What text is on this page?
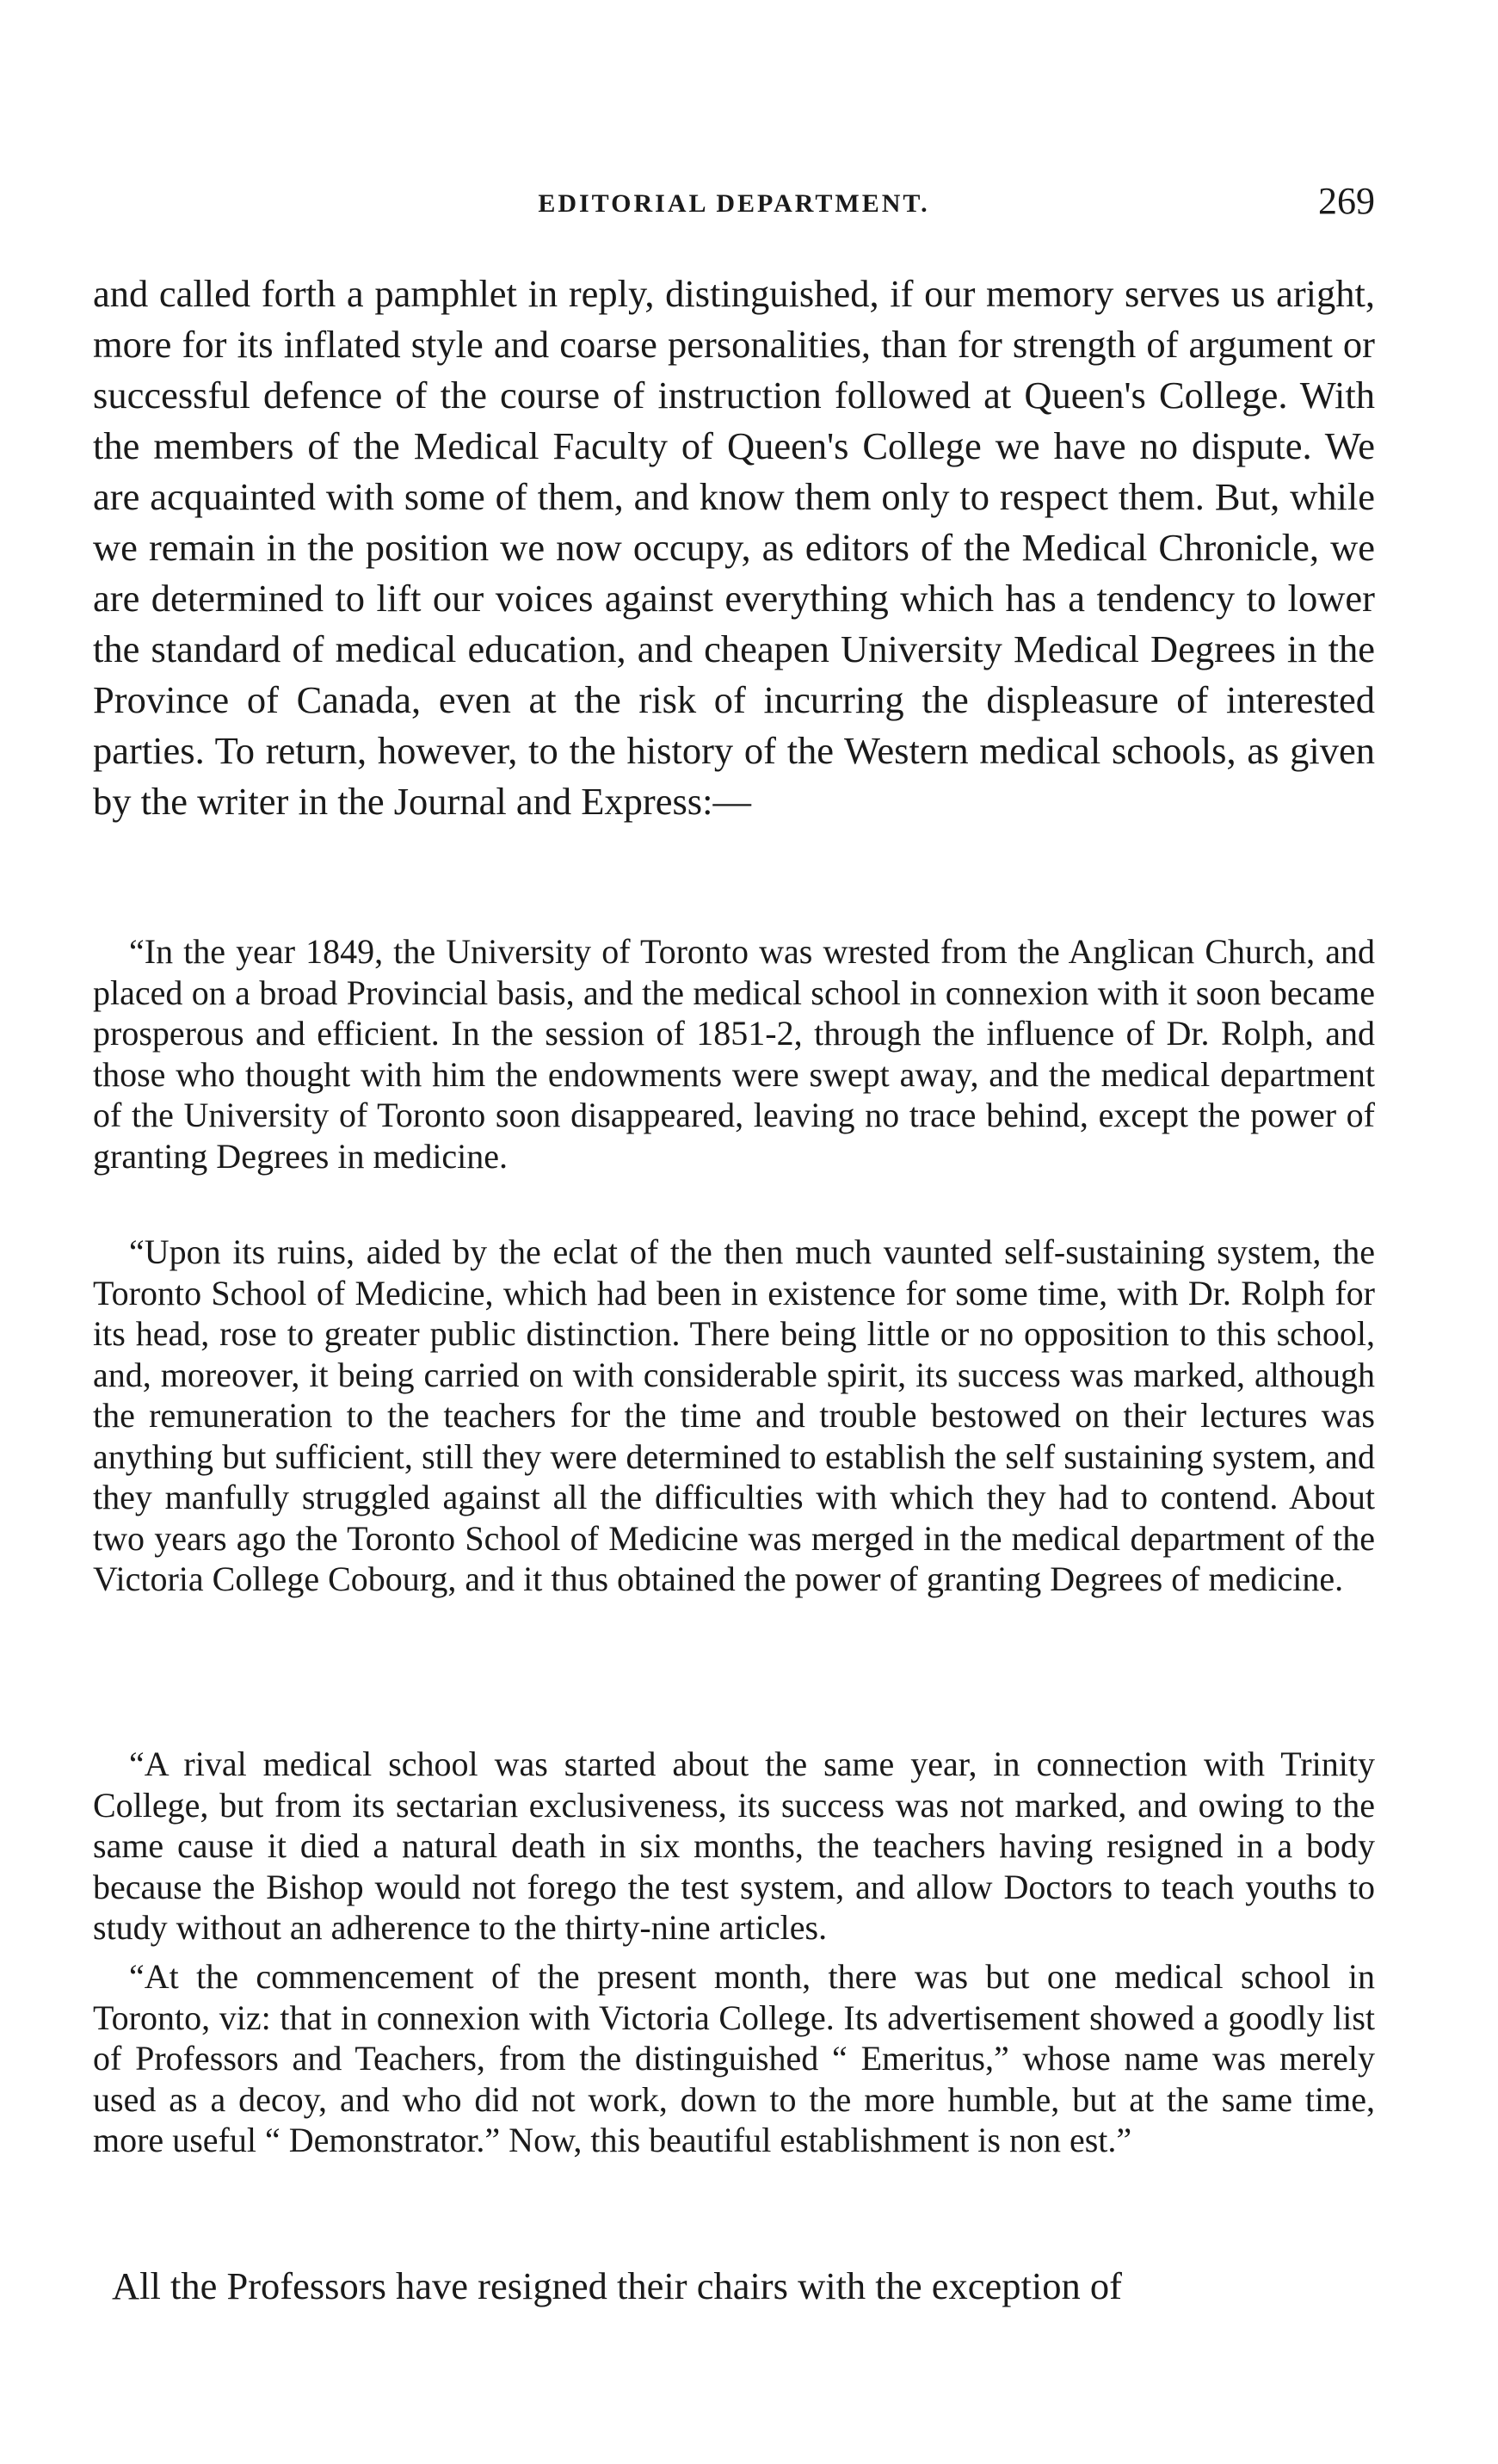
EDITORIAL DEPARTMENT.	269

and called forth a pamphlet in reply, distinguished, if our memory serves us aright, more for its inflated style and coarse personalities, than for strength of argument or successful defence of the course of instruction followed at Queen's College. With the members of the Medical Faculty of Queen's College we have no dispute. We are acquainted with some of them, and know them only to respect them. But, while we remain in the position we now occupy, as editors of the Medical Chronicle, we are determined to lift our voices against everything which has a tendency to lower the standard of medical education, and cheapen University Medical Degrees in the Province of Canada, even at the risk of incurring the displeasure of interested parties. To return, however, to the history of the Western medical schools, as given by the writer in the Journal and Express:—

“In the year 1849, the University of Toronto was wrested from the Anglican Church, and placed on a broad Provincial basis, and the medical school in connexion with it soon became prosperous and efficient. In the session of 1851-2, through the influence of Dr. Rolph, and those who thought with him the endowments were swept away, and the medical department of the University of Toronto soon disappeared, leaving no trace behind, except the power of granting Degrees in medicine.

“Upon its ruins, aided by the eclat of the then much vaunted self-sustaining system, the Toronto School of Medicine, which had been in existence for some time, with Dr. Rolph for its head, rose to greater public distinction. There being little or no opposition to this school, and, moreover, it being carried on with considerable spirit, its success was marked, although the remuneration to the teachers for the time and trouble bestowed on their lectures was anything but sufficient, still they were determined to establish the self sustaining system, and they manfully struggled against all the difficulties with which they had to contend. About two years ago the Toronto School of Medicine was merged in the medical department of the Victoria College Cobourg, and it thus obtained the power of granting Degrees of medicine.

“A rival medical school was started about the same year, in connection with Trinity College, but from its sectarian exclusiveness, its success was not marked, and owing to the same cause it died a natural death in six months, the teachers having resigned in a body because the Bishop would not forego the test system, and allow Doctors to teach youths to study without an adherence to the thirty-nine articles.

“At the commencement of the present month, there was but one medical school in Toronto, viz: that in connexion with Victoria College. Its advertisement showed a goodly list of Professors and Teachers, from the distinguished “ Emeritus,” whose name was merely used as a decoy, and who did not work, down to the more humble, but at the same time, more useful “ Demonstrator.” Now, this beautiful establishment is non est.”

All the Professors have resigned their chairs with the exception of
